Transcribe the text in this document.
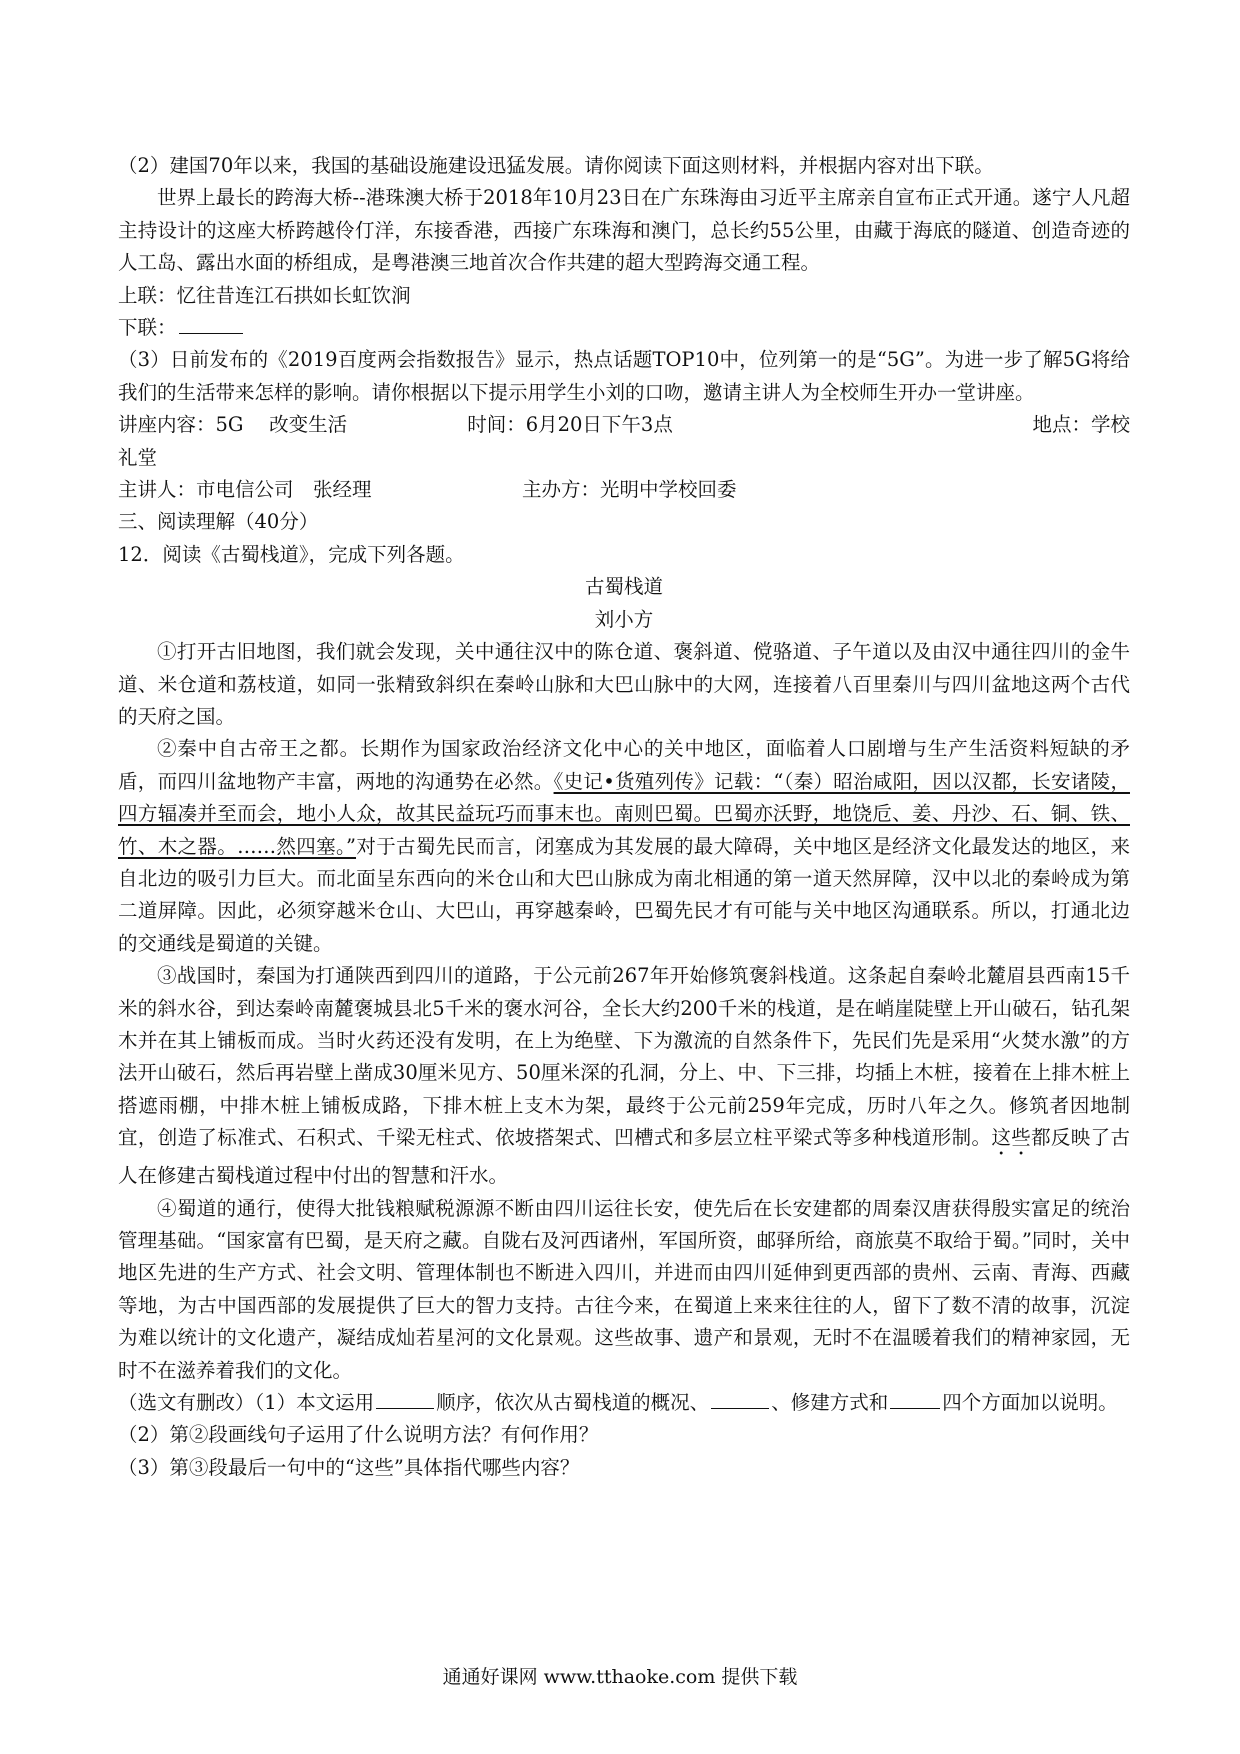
（2）建国70年以来，我国的基础设施建设迅猛发展。请你阅读下面这则材料，并根据内容对出下联。

世界上最长的跨海大桥--港珠澳大桥于2018年10月23日在广东珠海由习近平主席亲自宣布正式开通。遂宁人凡超主持设计的这座大桥跨越伶仃洋，东接香港，西接广东珠海和澳门，总长约55公里，由藏于海底的隧道、创造奇迹的人工岛、露出水面的桥组成，是粤港澳三地首次合作共建的超大型跨海交通工程。

上联：忆往昔连江石拱如长虹饮涧

下联：

（3）日前发布的《2019百度两会指数报告》显示，热点话题TOP10中，位列第一的是“5G”。为进一步了解5G将给我们的生活带来怎样的影响。请你根据以下提示用学生小刘的口吻，邀请主讲人为全校师生开办一堂讲座。

讲座内容：5G　 改变生活	时间：6月20日下午3点	地点：学校

礼堂

主讲人：市电信公司　张经理	主办方：光明中学校回委

三、阅读理解（40分）

12．阅读《古蜀栈道》，完成下列各题。

古蜀栈道

刘小方

①打开古旧地图，我们就会发现，关中通往汉中的陈仓道、褒斜道、傥骆道、子午道以及由汉中通往四川的金牛道、米仓道和荔枝道，如同一张精致斜织在秦岭山脉和大巴山脉中的大网，连接着八百里秦川与四川盆地这两个古代的天府之国。

②秦中自古帝王之都。长期作为国家政治经济文化中心的关中地区，面临着人口剧增与生产生活资料短缺的矛盾，而四川盆地物产丰富，两地的沟通势在必然。《史记•货殖列传》记载：“（秦）昭治咸阳，因以汉都，长安诸陵，四方辐凑并至而会，地小人众，故其民益玩巧而事末也。南则巴蜀。巴蜀亦沃野，地饶卮、姜、丹沙、石、铜、铁、竹、木之器。……然四塞。”对于古蜀先民而言，闭塞成为其发展的最大障碍，关中地区是经济文化最发达的地区，来自北边的吸引力巨大。而北面呈东西向的米仓山和大巴山脉成为南北相通的第一道天然屏障，汉中以北的秦岭成为第二道屏障。因此，必须穿越米仓山、大巴山，再穿越秦岭，巴蜀先民才有可能与关中地区沟通联系。所以，打通北边的交通线是蜀道的关键。

③战国时，秦国为打通陕西到四川的道路，于公元前267年开始修筑褒斜栈道。这条起自秦岭北麓眉县西南15千米的斜水谷，到达秦岭南麓褒城县北5千米的褒水河谷，全长大约200千米的栈道，是在峭崖陡壁上开山破石，钻孔架木并在其上铺板而成。当时火药还没有发明，在上为绝壁、下为激流的自然条件下，先民们先是采用“火焚水激”的方法开山破石，然后再岩壁上凿成30厘米见方、50厘米深的孔洞，分上、中、下三排，均插上木桩，接着在上排木桩上搭遮雨棚，中排木桩上铺板成路，下排木桩上支木为架，最终于公元前259年完成，历时八年之久。修筑者因地制宜，创造了标准式、石积式、千梁无柱式、依坡搭架式、凹槽式和多层立柱平梁式等多种栈道形制。这些都反映了古人在修建古蜀栈道过程中付出的智慧和汗水。

④蜀道的通行，使得大批钱粮赋税源源不断由四川运往长安，使先后在长安建都的周秦汉唐获得殷实富足的统治管理基础。“国家富有巴蜀，是天府之藏。自陇右及河西诸州，军国所资，邮驿所给，商旅莫不取给于蜀。”同时，关中地区先进的生产方式、社会文明、管理体制也不断进入四川，并进而由四川延伸到更西部的贵州、云南、青海、西藏等地，为古中国西部的发展提供了巨大的智力支持。古往今来，在蜀道上来来往往的人，留下了数不清的故事，沉淀为难以统计的文化遗产，凝结成灿若星河的文化景观。这些故事、遗产和景观，无时不在温暖着我们的精神家园，无时不在滋养着我们的文化。

（选文有删改）（1）本文运用	顺序，依次从古蜀栈道的概况、	、修建方式和	四个方面加以说明。

（2）第②段画线句子运用了什么说明方法？有何作用？

（3）第③段最后一句中的“这些”具体指代哪些内容？

通通好课网 www.tthaoke.com 提供下载
